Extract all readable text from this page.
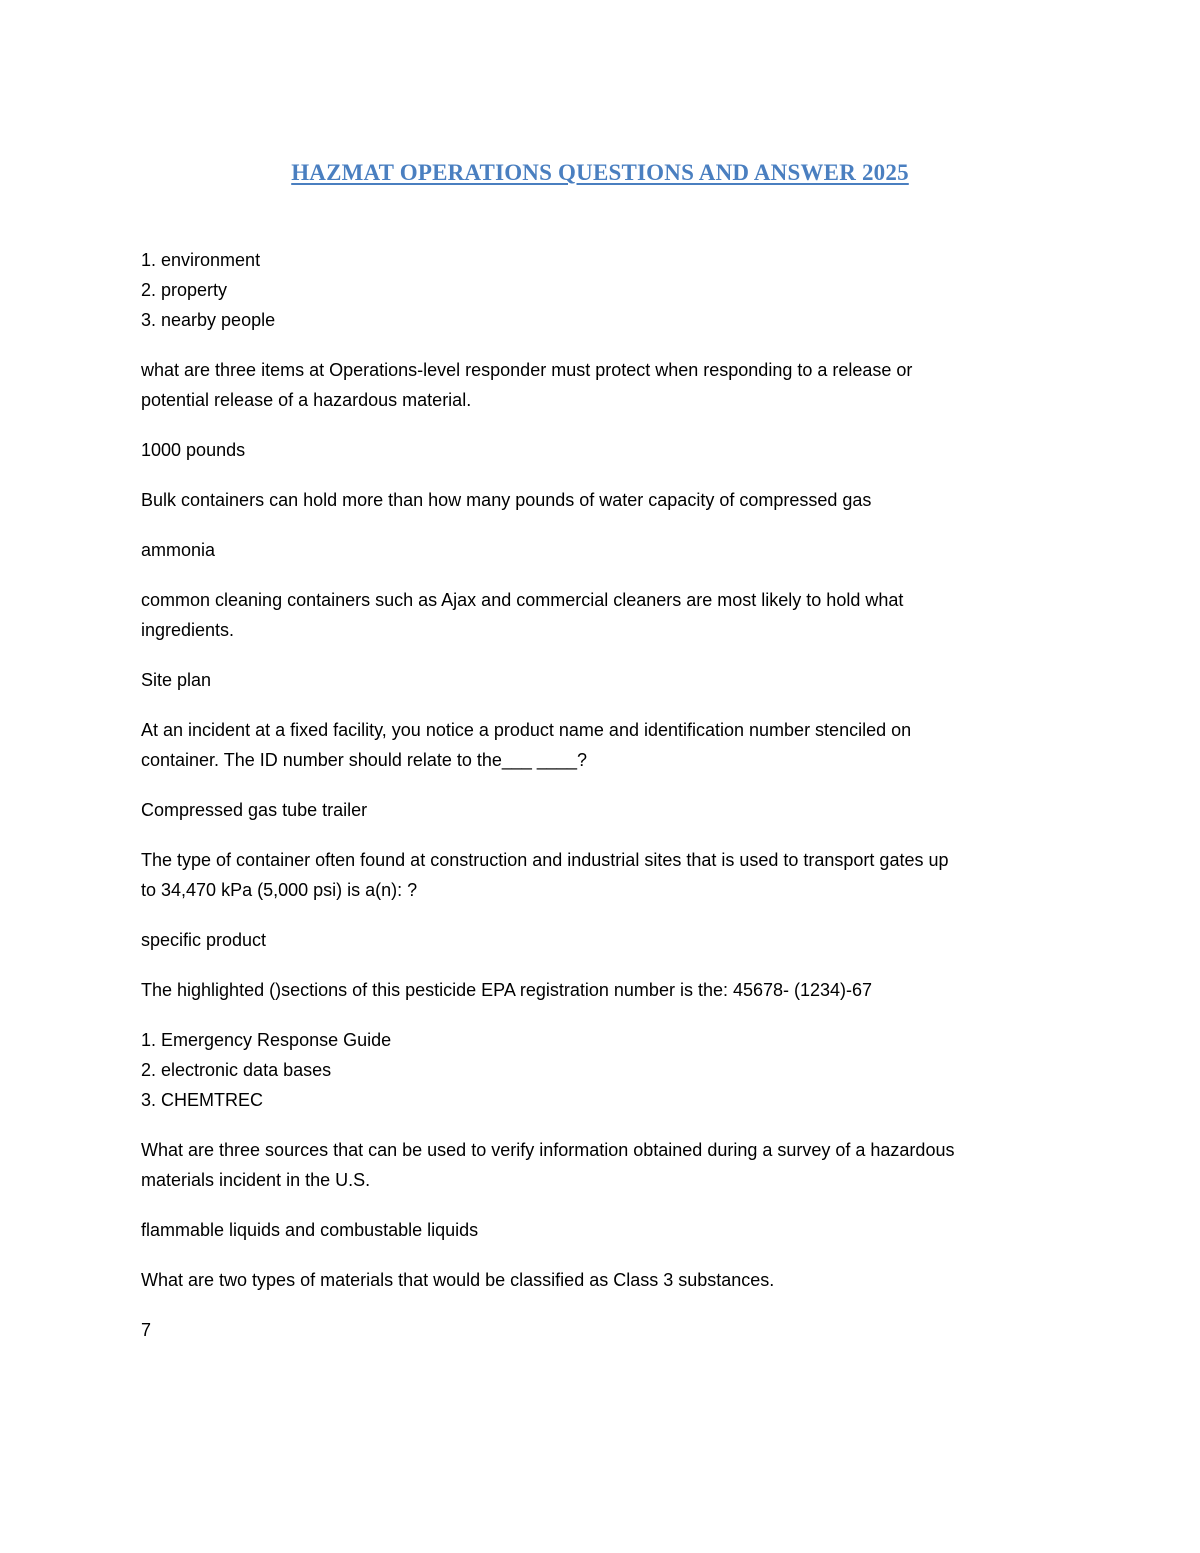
HAZMAT OPERATIONS QUESTIONS AND ANSWER 2025

1. environment

2. property

3. nearby people

what are three items at Operations-level responder must protect when responding to a release or

potential release of a hazardous material.

1000 pounds

Bulk containers can hold more than how many pounds of water capacity of compressed gas

ammonia

common cleaning containers such as Ajax and commercial cleaners are most likely to hold what

ingredients.

Site plan

At an incident at a fixed facility, you notice a product name and identification number stenciled on

container. The ID number should relate to the___ ____?

Compressed gas tube trailer

The type of container often found at construction and industrial sites that is used to transport gates up

to 34,470 kPa (5,000 psi) is a(n): ?

specific product

The highlighted ()sections of this pesticide EPA registration number is the: 45678- (1234)-67

1. Emergency Response Guide

2. electronic data bases

3. CHEMTREC

What are three sources that can be used to verify information obtained during a survey of a hazardous

materials incident in the U.S.

flammable liquids and combustable liquids

What are two types of materials that would be classified as Class 3 substances.

7
